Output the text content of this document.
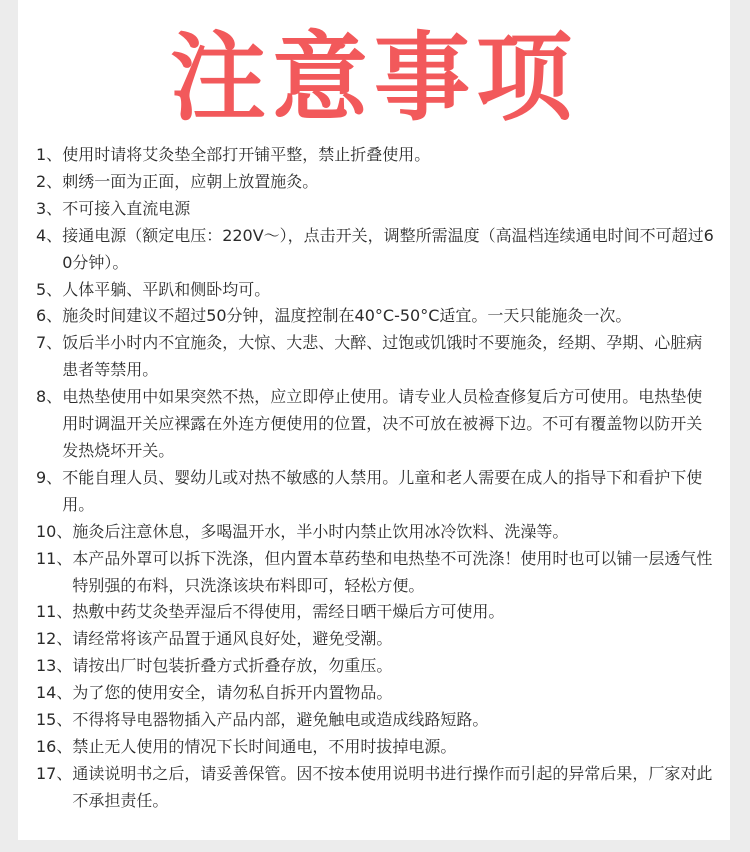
注意事项
1、 使用时请将艾灸垫全部打开铺平整，禁止折叠使用。
2、 刺绣一面为正面，应朝上放置施灸。
3、 不可接入直流电源
4、 接通电源（额定电压：220V～），点击开关，调整所需温度（高温档连续通电时间不可超过60分钟）。
5、 人体平躺、平趴和侧卧均可。
6、 施灸时间建议不超过50分钟，温度控制在40°C-50°C适宜。一天只能施灸一次。
7、 饭后半小时内不宜施灸，大惊、大悲、大醉、过饱或饥饿时不要施灸，经期、孕期、心脏病患者等禁用。
8、 电热垫使用中如果突然不热，应立即停止使用。请专业人员检查修复后方可使用。电热垫使用时调温开关应裸露在外连方便使用的位置，决不可放在被褥下边。不可有覆盖物以防开关发热烧坏开关。
9、 不能自理人员、婴幼儿或对热不敏感的人禁用。儿童和老人需要在成人的指导下和看护下使用。
10、 施灸后注意休息，多喝温开水，半小时内禁止饮用冰冷饮料、洗澡等。
11、 本产品外罩可以拆下洗涤，但内置本草药垫和电热垫不可洗涤！使用时也可以铺一层透气性特别强的布料，只洗涤该块布料即可，轻松方便。
11、 热敷中药艾灸垫弄湿后不得使用，需经日晒干燥后方可使用。
12、 请经常将该产品置于通风良好处，避免受潮。
13、 请按出厂时包装折叠方式折叠存放，勿重压。
14、 为了您的使用安全，请勿私自拆开内置物品。
15、 不得将导电器物插入产品内部，避免触电或造成线路短路。
16、 禁止无人使用的情况下长时间通电，不用时拔掉电源。
17、 通读说明书之后，请妥善保管。因不按本使用说明书进行操作而引起的异常后果，厂家对此不承担责任。
